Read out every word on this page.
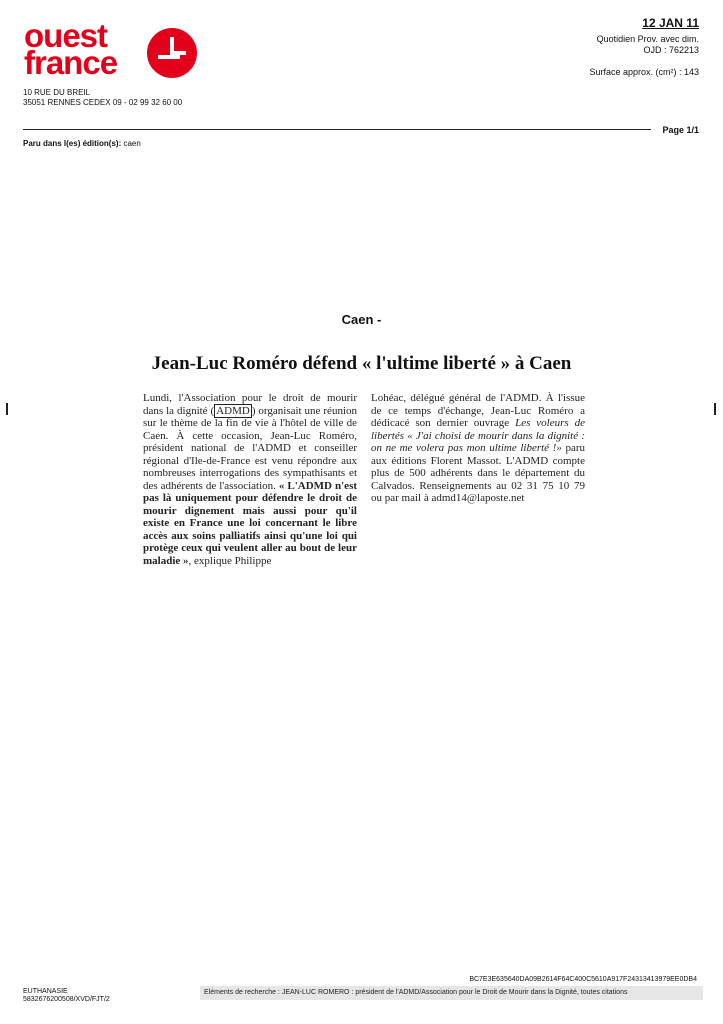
ouest
france
10 RUE DU BREIL
35051 RENNES CEDEX 09 - 02 99 32 60 00
12 JAN 11
Quotidien Prov. avec dim.
OJD : 762213
Surface approx. (cm²) : 143
Page 1/1
Paru dans l(es) édition(s): caen
Caen -
Jean-Luc Roméro défend « l'ultime liberté » à Caen
Lundi, l'Association pour le droit de mourir dans la dignité ( ADMD ) organisait une réunion sur le thème de la fin de vie à l'hôtel de ville de Caen. À cette occasion, Jean-Luc Roméro, président national de l'ADMD et conseiller régional d'Ile-de-France est venu répondre aux nombreuses interrogations des sympathisants et des adhérents de l'association. « L'ADMD n'est pas là uniquement pour défendre le droit de mourir dignement mais aussi pour qu'il existe en France une loi concernant le libre accès aux soins palliatifs ainsi qu'une loi qui protège ceux qui veulent aller au bout de leur maladie », explique Philippe
Lohéac, délégué général de l'ADMD. À l'issue de ce temps d'échange, Jean-Luc Roméro a dédicacé son dernier ouvrage Les voleurs de libertés « J'ai choisi de mourir dans la dignité : on ne me volera pas mon ultime liberté !» paru aux éditions Florent Massot. L'ADMD compte plus de 500 adhérents dans le département du Calvados. Renseignements au 02 31 75 10 79 ou par mail à admd14@laposte.net
BC7E3E635640DA09B2614F64C400C5610A917F24313413979EE0DB4
EUTHANASIE
5832676200508/XVD/FJT/2
Eléments de recherche : JEAN-LUC ROMERO : président de l'ADMD/Association pour le Droit de Mourir dans la Dignité, toutes citations
